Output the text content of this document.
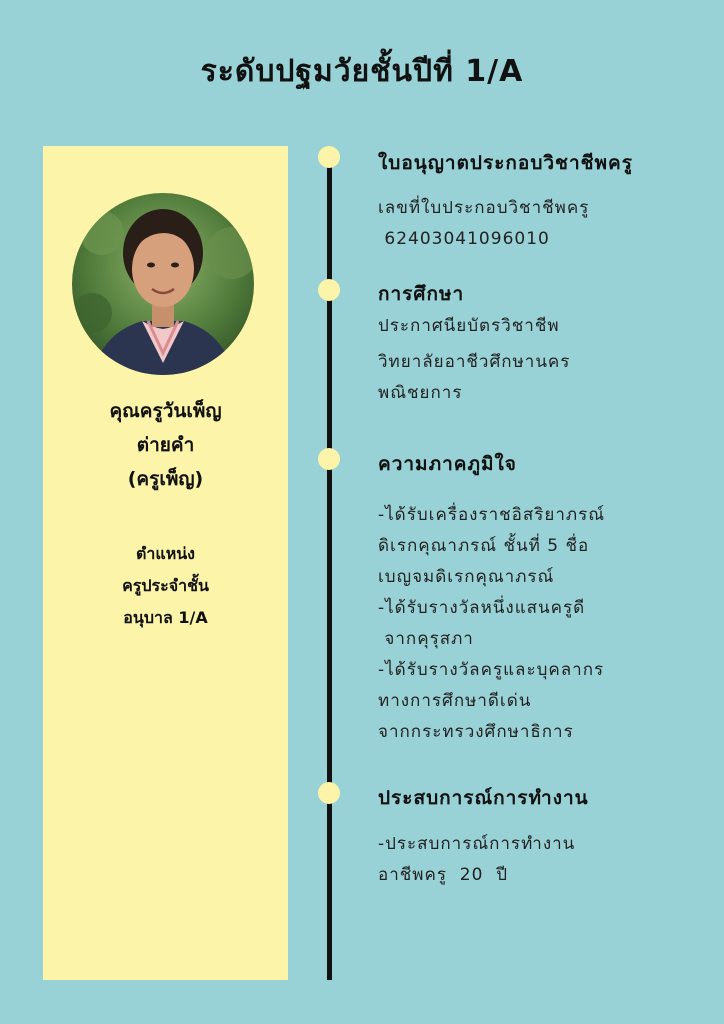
ระดับปฐมวัยชั้นปีที่ 1/A
คุณครูวันเพ็ญ
ต่ายคำ
(ครูเพ็ญ)
ตำแหน่ง
ครูประจำชั้น
อนุบาล 1/A
ใบอนุญาตประกอบวิชาชีพครู
เลขที่ใบประกอบวิชาชีพครู
62403041096010
การศึกษา
ประกาศนียบัตรวิชาชีพ
วิทยาลัยอาชีวศึกษานคร
พณิชยการ
ความภาคภูมิใจ
-ได้รับเครื่องราชอิสริยาภรณ์
ดิเรกคุณาภรณ์ ชั้นที่ 5 ชื่อ
เบญจมดิเรกคุณาภรณ์
-ได้รับรางวัลหนึ่งแสนครูดี
จากคุรุสภา
-ได้รับรางวัลครูและบุคลากร
ทางการศึกษาดีเด่น
จากกระทรวงศึกษาธิการ
ประสบการณ์การทำงาน
-ประสบการณ์การทำงาน
อาชีพครู  20  ปี
